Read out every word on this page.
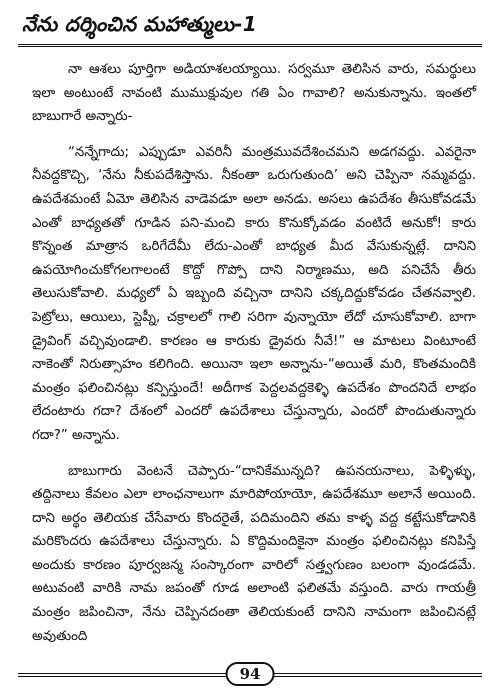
నేను దర్శించిన మహాత్ములు-1

నా ఆశలు పూర్తిగా అడియాశలయ్యాయి. సర్వమూ తెలిసిన వారు, సమర్థులు ఇలా అంటుంటే నావంటి ముముక్షువుల గతి ఏం గావాలి? అనుకున్నాను. ఇంతలో బాబుగారే అన్నారు-

“నన్నేగాదు; ఎప్పుడూ ఎవరినీ మంత్రమువదేశించమని అడగవద్దు. ఎవరైనా నీవద్దకొచ్చి, ‘నేను నీకుపదేశిస్తాను. నీకంతా ఒరుగుతుంది’ అని చెప్పినా నమ్మవద్దు. ఉపదేశమంటే ఏమో తెలిసిన వాడెవడూ అలా అనడు. అసలు ఉపదేశం తీసుకోవడమే ఎంతో బాధ్యతతో గూడిన పని-మంచి కారు కొనుక్కోవడం వంటిదే అనుకో! కారు కొన్నంత మాత్రాన ఒరిగేదేమీ లేదు-ఎంతో బాధ్యత మీద వేసుకున్నట్లే. దానిని ఉపయోగించుకోగలగాలంటే కొద్దో గొప్పో దాని నిర్మాణము, అది పనిచేసే తీరు తెలుసుకోవాలి. మధ్యలో ఏ ఇబ్బంది వచ్చినా దానిని చక్కదిద్దుకోవడం చేతనవ్వాలి. పెట్రోలు, ఆయిలు, స్టెప్నీ, చక్రాలలో గాలి సరిగా వున్నాయో లేదో చూసుకోవాలి. బాగా డ్రైవింగ్ వచ్చివుండాలి. కారణం ఆ కారుకు డ్రైవరు నీవే!” ఆ మాటలు వింటూంటే నాకెంతో నిరుత్సాహం కలిగింది. అయినా ఇలా అన్నాను-“అయితే మరి, కొంతమందికి మంత్రం ఫలించినట్లు కన్పిస్తుందే! అదీగాక పెద్దలవద్దకెళ్ళి ఉపదేశం పొందనిదే లాభం లేదంటారు గదా? దేశంలో ఎందరో ఉపదేశాలు చేస్తున్నారు, ఎందరో పొందుతున్నారు గదా?” అన్నాను.

బాబుగారు వెంటనే చెప్పారు-“దానికేమున్నది? ఉపనయనాలు, పెళ్ళిళ్ళు, తద్దినాలు కేవలం ఎలా లాంఛనాలుగా మారిపోయాయో, ఉపదేశమూ అలానే అయింది. దాని అర్థం తెలియక చేసేవారు కొందరైతే, పదిమందిని తమ కాళ్ళ వద్ద కట్టేసుకోడానికి మరికొందరు ఉపదేశాలు చేస్తున్నారు. ఏ కొద్దిమందికైనా మంత్రం ఫలించినట్లు కనిపిస్తే అందుకు కారణం పూర్వజన్మ సంస్కారంగా వారిలో సత్త్వగుణం బలంగా వుండడమే. అటువంటి వారికి నామ జపంతో గూడ అలాంటి ఫలితమే వస్తుంది. వారు గాయత్రీ మంత్రం జపించినా, నేను చెప్పినదంతా తెలియకుంటే దానిని నామంగా జపించినట్లే అవుతుంది

94
